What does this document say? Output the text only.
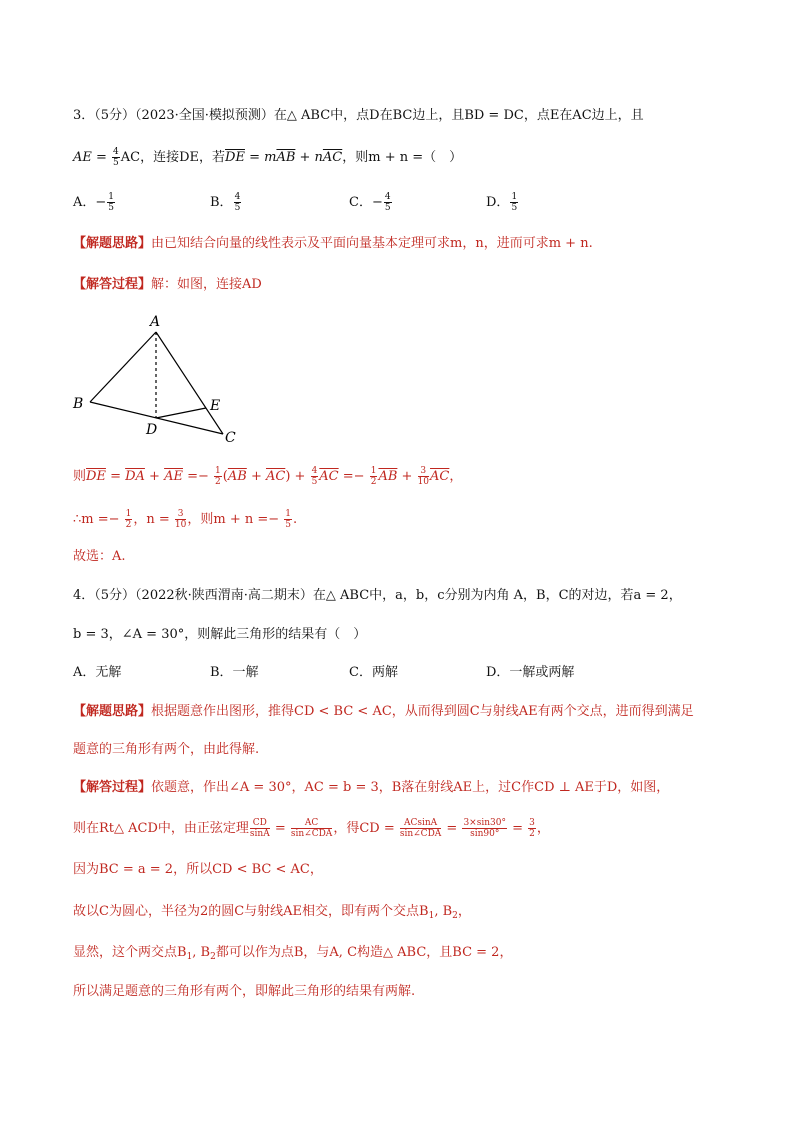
3．（5分）（2023·全国·模拟预测）在△ ABC中，点D在BC边上，且BD = DC，点E在AC边上，且
AE = $\frac{4}{5}$ AC，连接DE，若$\overline{DE} = m\overline{AB} + n\overline{AC}$，则m + n =（　）
A．− $\frac{1}{5}$	B． $\frac{4}{5}$	C．− $\frac{4}{5}$	D． $\frac{1}{5}$
【解题思路】由已知结合向量的线性表示及平面向量基本定理可求m，n，进而可求m + n.
【解答过程】解：如图，连接AD
A
B
C
D
E
则$\overline{DE} = \overline{DA} + \overline{AE} =- \frac{1}{2} (\overline{AB} + \overline{AC}) + \frac{4}{5} \overline{AC} =- \frac{1}{2} \overline{AB} + \frac{3}{10} \overline{AC}$，
∴m =− $\frac{1}{2}$ ，$n = \frac{3}{10}$ ，则$m + n =- \frac{1}{5}$ .
故选：A.
4．（5分）（2022秋·陕西渭南·高二期末）在△ ABC中，a，b，c分别为内角 A，B，C的对边，若a = 2，
b = 3，∠A = 30°，则解此三角形的结果有（　）
A．无解	B．一解	C．两解	D．一解或两解
【解题思路】根据题意作出图形，推得CD < BC < AC，从而得到圆C与射线AE有两个交点，进而得到满足
题意的三角形有两个，由此得解.
【解答过程】依题意，作出∠A = 30°，AC = b = 3，B落在射线AE上，过C作CD ⊥ AE于D，如图，
则在Rt△ ACD中，由正弦定理 $\frac{CD}{\sin A} = \frac{AC}{\text{sin∠CDA}}$ ，得CD = $\frac{ACsinA}{\text{sin∠CDA}} = \frac{3\times\sin 30^\circ}{\sin 90^\circ} = \frac{3}{2}$ ，
因为BC = a = 2，所以CD < BC < AC，
故以C为圆心，半径为2的圆C与射线AE相交，即有两个交点$B_1$, $B_2$，
显然，这个两交点$B_1$, $B_2$都可以作为点B，与A, C构造△ ABC，且BC = 2，
所以满足题意的三角形有两个，即解此三角形的结果有两解.
